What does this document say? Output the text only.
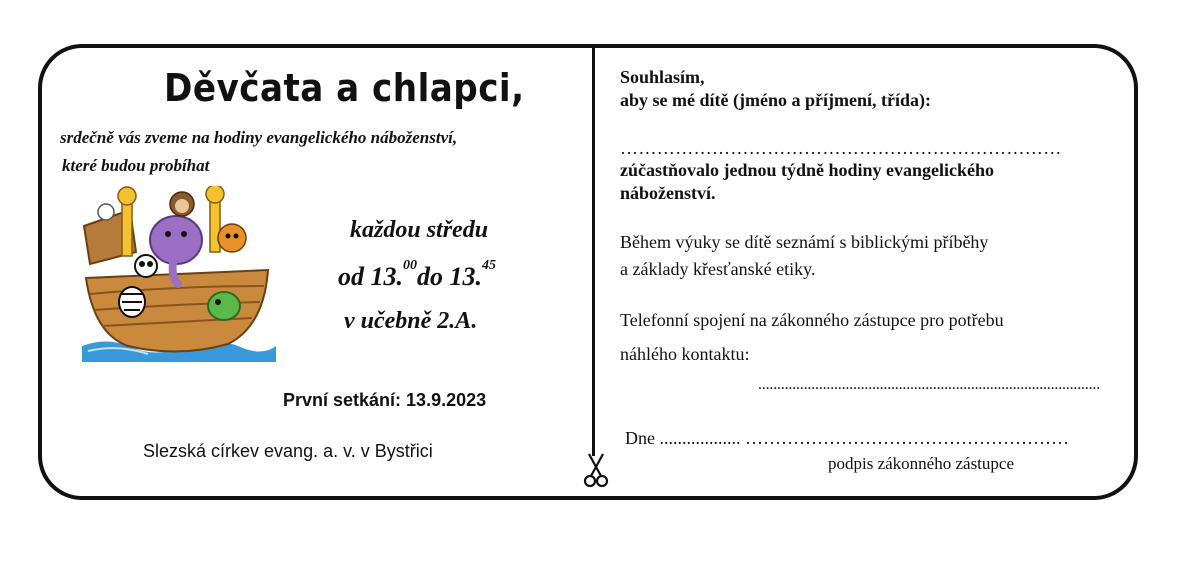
Děvčata a chlapci,
srdečně vás zveme na hodiny evangelického náboženství,
které budou probíhat
každou středu
od 13.00do 13.45
v učebně 2.A.
První setkání: 13.9.2023
Slezská církev evang. a. v. v Bystřici
Souhlasím,
aby se mé dítě (jméno a příjmení, třída):
………………………………………………………………
zúčastňovalo jednou týdně hodiny evangelického
náboženství.
Během výuky se dítě seznámí s biblickými příběhy
a základy křesťanské etiky.
Telefonní spojení na zákonného zástupce pro potřebu
náhlého kontaktu:
..........................................................................................
Dne .................. ………………………………………………
podpis zákonného zástupce
